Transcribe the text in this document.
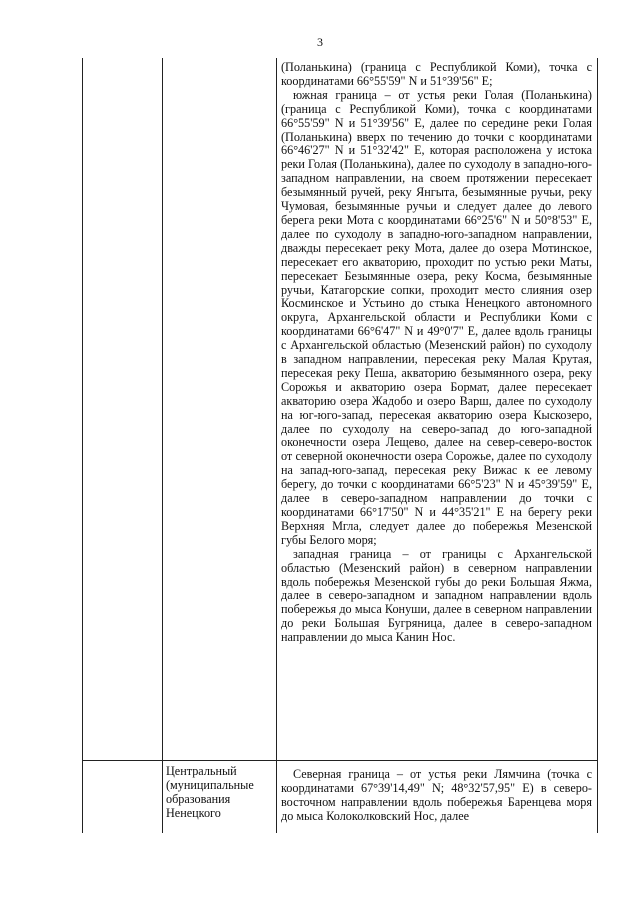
3

(Поланькина) (граница с Республикой Коми), точка с координатами 66°55'59" N и 51°39'56" E;

южная граница – от устья реки Голая (Поланькина) (граница с Республикой Коми), точка с координатами 66°55'59" N и 51°39'56" E, далее по середине реки Голая (Поланькина) вверх по течению до точки с координатами 66°46'27" N и 51°32'42" E, которая расположена у истока реки Голая (Поланькина), далее по суходолу в западно-юго-западном направлении, на своем протяжении пересекает безымянный ручей, реку Янгыта, безымянные ручьи, реку Чумовая, безымянные ручьи и следует далее до левого берега реки Мота с координатами 66°25'6" N и 50°8'53" E, далее по суходолу в западно-юго-западном направлении, дважды пересекает реку Мота, далее до озера Мотинское, пересекает его акваторию, проходит по устью реки Маты, пересекает Безымянные озера, реку Косма, безымянные ручьи, Катагорские сопки, проходит место слияния озер Косминское и Устьино до стыка Ненецкого автономного округа, Архангельской области и Республики Коми с координатами 66°6'47" N и 49°0'7" E, далее вдоль границы с Архангельской областью (Мезенский район) по суходолу в западном направлении, пересекая реку Малая Крутая, пересекая реку Пеша, акваторию безымянного озера, реку Сорожья и акваторию озера Бормат, далее пересекает акваторию озера Жадобо и озеро Варш, далее по суходолу на юг-юго-запад, пересекая акваторию озера Кыскозеро, далее по суходолу на северо-запад до юго-западной оконечности озера Лещево, далее на север-северо-восток от северной оконечности озера Сорожье, далее по суходолу на запад-юго-запад, пересекая реку Вижас к ее левому берегу, до точки с координатами 66°5'23" N и 45°39'59" E, далее в северо-западном направлении до точки с координатами 66°17'50" N и 44°35'21" E на берегу реки Верхняя Мгла, следует далее до побережья Мезенской губы Белого моря;

западная граница – от границы с Архангельской областью (Мезенский район) в северном направлении вдоль побережья Мезенской губы до реки Большая Яжма, далее в северо-западном и западном направлении вдоль побережья до мыса Конуши, далее в северном направлении до реки Большая Бугряница, далее в северо-западном направлении до мыса Канин Нос.

Центральный
(муниципальные
образования
Ненецкого

Северная граница – от устья реки Лямчина (точка с координатами 67°39'14,49" N; 48°32'57,95" E) в северо-восточном направлении вдоль побережья Баренцева моря до мыса Колоколковский Нос, далее
